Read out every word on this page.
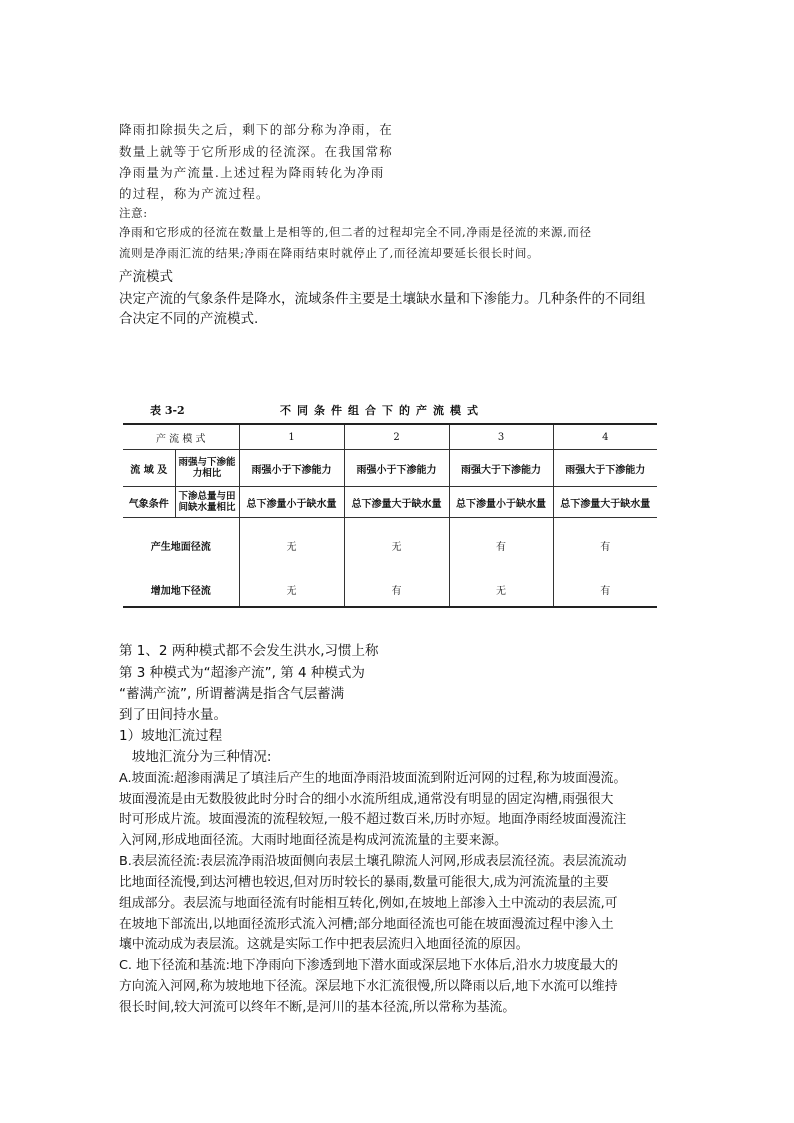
降雨扣除损失之后，剩下的部分称为净雨，在
数量上就等于它所形成的径流深。在我国常称
净雨量为产流量.上述过程为降雨转化为净雨
的过程，称为产流过程。
注意:
净雨和它形成的径流在数量上是相等的,但二者的过程却完全不同,净雨是径流的来源,而径
流则是净雨汇流的结果;净雨在降雨结束时就停止了,而径流却要延长很长时间。
产流模式
决定产流的气象条件是降水，流域条件主要是土壤缺水量和下渗能力。几种条件的不同组
合决定不同的产流模式.
表 3-2	不同条件组合下的产流模式
产 流 模 式		1	2	3	4
流 域 及	雨强与下渗能力相比	雨强小于下渗能力	雨强小于下渗能力	雨强大于下渗能力	雨强大于下渗能力
气象条件	下渗总量与田间缺水量相比	总下渗量小于缺水量	总下渗量大于缺水量	总下渗量小于缺水量	总下渗量大于缺水量
产生地面径流		无	无	有	有
增加地下径流		无	有	无	有
第 1、2 两种模式都不会发生洪水,习惯上称
第 3 种模式为“超渗产流”, 第 4 种模式为
“蓄满产流”, 所谓蓄满是指含气层蓄满
到了田间持水量。
1）坡地汇流过程
坡地汇流分为三种情况:
A.坡面流:超渗雨满足了填洼后产生的地面净雨沿坡面流到附近河网的过程,称为坡面漫流。
坡面漫流是由无数股彼此时分时合的细小水流所组成,通常没有明显的固定沟槽,雨强很大
时可形成片流。坡面漫流的流程较短,一般不超过数百米,历时亦短。地面净雨经坡面漫流注
入河网,形成地面径流。大雨时地面径流是构成河流流量的主要来源。
B.表层流径流:表层流净雨沿坡面侧向表层土壤孔隙流人河网,形成表层流径流。表层流流动
比地面径流慢,到达河槽也较迟,但对历时较长的暴雨,数量可能很大,成为河流流量的主要
组成部分。表层流与地面径流有时能相互转化,例如,在坡地上部渗入土中流动的表层流,可
在坡地下部流出,以地面径流形式流入河槽;部分地面径流也可能在坡面漫流过程中渗入土
壤中流动成为表层流。这就是实际工作中把表层流归入地面径流的原因。
C. 地下径流和基流:地下净雨向下渗透到地下潜水面或深层地下水体后,沿水力坡度最大的
方向流入河网,称为坡地地下径流。深层地下水汇流很慢,所以降雨以后,地下水流可以维持
很长时间,较大河流可以终年不断,是河川的基本径流,所以常称为基流。
